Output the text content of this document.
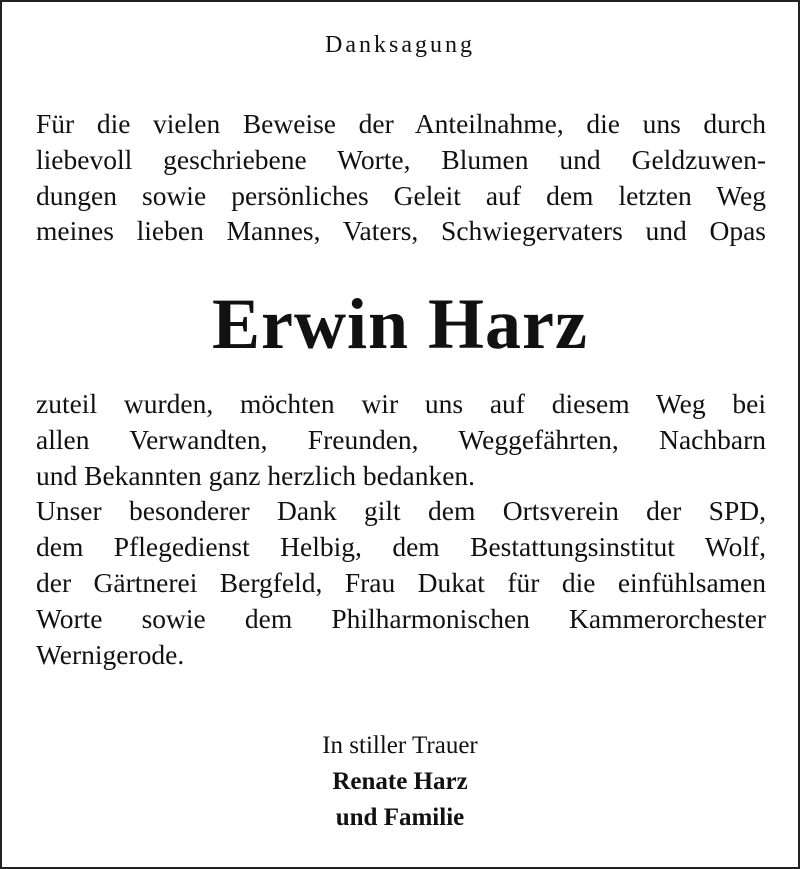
Danksagung
Für die vielen Beweise der Anteilnahme, die uns durch
liebevoll geschriebene Worte, Blumen und Geldzuwen-
dungen sowie persönliches Geleit auf dem letzten Weg
meines lieben Mannes, Vaters, Schwiegervaters und Opas
Erwin Harz
zuteil wurden, möchten wir uns auf diesem Weg bei
allen Verwandten, Freunden, Weggefährten, Nachbarn
und Bekannten ganz herzlich bedanken.
Unser besonderer Dank gilt dem Ortsverein der SPD,
dem Pflegedienst Helbig, dem Bestattungsinstitut Wolf,
der Gärtnerei Bergfeld, Frau Dukat für die einfühlsamen
Worte sowie dem Philharmonischen Kammerorchester
Wernigerode.
In stiller Trauer
Renate Harz
und Familie
